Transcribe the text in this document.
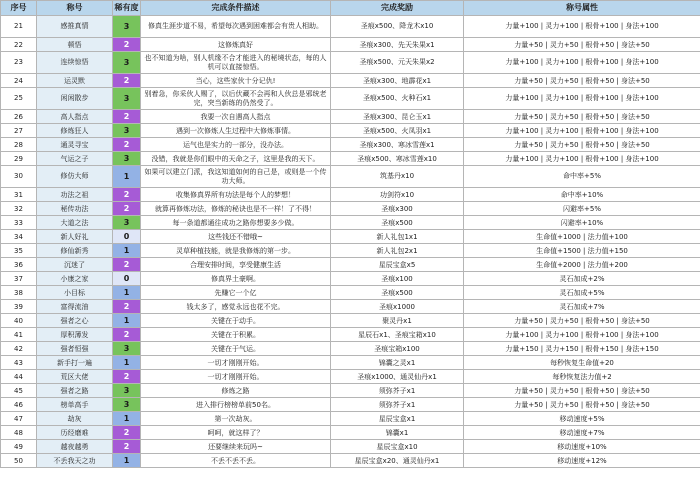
序号	称号	稀有度	完成条件描述	完成奖励	称号属性
21	感推真情	3	修真生涯步道不易，希望每次遇到困难都会有贵人相助。	圣痕x500、降龙木x10	力量+100 | 灵力+100 | 根骨+100 | 身法+100
22	顿悟	2	这修炼真好	圣痕x300、先天朱果x1	力量+50 | 灵力+50 | 根骨+50 | 身法+50
23	连续惊悟	3	也不知道为啥，别人机缘不合才能进入的秘境状态，每的人机可以直接惊悟。	圣痕x500、元天朱果x2	力量+100 | 灵力+100 | 根骨+100 | 身法+100
24	运灵默	2	当心，这些家伙十分记仇!	圣痕x300、地霹花x1	力量+50 | 灵力+50 | 根骨+50 | 身法+50
25	闲闲散步	3	别着急，你采伙人赐了，以后伏藏不会再和人伙总是邪统老完，突当新练的仍然受了。	圣痕x500、火种石x1	力量+100 | 灵力+100 | 根骨+100 | 身法+100
26	高人指点	2	我要一次自遇高人指点	圣痕x300、昆仑玉x1	力量+50 | 灵力+50 | 根骨+50 | 身法+50
27	修炼狂人	3	遇到一次修炼人生过程中大修炼事情。	圣痕x500、火凤羽x1	力量+100 | 灵力+100 | 根骨+100 | 身法+100
28	通灵寻宝	2	运气也是实力的一部分，没办法。	圣痕x300、寒冰雪莲x1	力量+50 | 灵力+50 | 根骨+50 | 身法+50
29	气运之子	3	没错，我就是你们眼中的天命之子，这里是我的天下。	圣痕x500、寒冰雪莲x10	力量+100 | 灵力+100 | 根骨+100 | 身法+100
30	修仿大师	1	如果可以建立门派，我这知道如何的自己是，或则是一个传功大师。	筑基丹x10	命中率+5%
31	功法之祖	2	收集修真界所有功法是每个人的梦想！	功剑符x10	命中率+10%
32	秘传功法	2	就算再修炼功法，修炼的秘诀也是不一样！了不得！	圣痕x300	闪避率+5%
33	大道之法	3	每一条道都通往成功之路你想要多少做。	圣痕x500	闪避率+10%
34	新人好礼	0	这些钱还不错哦~	新人礼包1x1	生命值+1000 | 法力值+100
35	修仙新秀	1	灵草种植技能，就是我修炼的第一步。	新人礼包2x1	生命值+1500 | 法力值+150
36	沉迷了	2	合理安排时间，享受健康生活	星辰宝盒x5	生命值+2000 | 法力值+200
37	小康之家	0	修真界土豪啊。	圣痕x100	灵石加成+2%
38	小目标	1	先赚它一个亿	圣痕x500	灵石加成+5%
39	富得流油	2	钱太多了，感觉永远也花不完。	圣痕x1000	灵石加成+7%
40	强者之心	1	关键在于动手。	聚灵丹x1	力量+50 | 灵力+50 | 根骨+50 | 身法+50
41	厚积薄发	2	关键在于积累。	星辰石x1、圣痕宝箱x10	力量+100 | 灵力+100 | 根骨+100 | 身法+100
42	强者恒强	3	关键在于气运。	圣痕宝箱x100	力量+150 | 灵力+150 | 根骨+150 | 身法+150
43	新手打一遍	1	一切才刚刚开始。	锦囊之灵x1	每秒恢复生命值+20
44	荒区大佬	2	一切才刚刚开始。	圣痕x1000、通灵仙丹x1	每秒恢复法力值+2
45	强者之路	3	修炼之路	须弥芥子x1	力量+50 | 灵力+50 | 根骨+50 | 身法+50
46	榜单高手	3	进入排行榜榜单前50名。	须弥芥子x1	力量+50 | 灵力+50 | 根骨+50 | 身法+50
47	劫灰	1	第一次劫灰。	星辰宝盒x1	移动速度+5%
48	历经磨难	2	呵呵，就这样了？	锦囊x1	移动速度+7%
49	越夜越勇	2	还要继续来玩吗~	星辰宝盒x10	移动速度+10%
50	不丢我天之功	1	不丢不丢不丢。	星辰宝盒x20、通灵仙丹x1	移动速度+12%
